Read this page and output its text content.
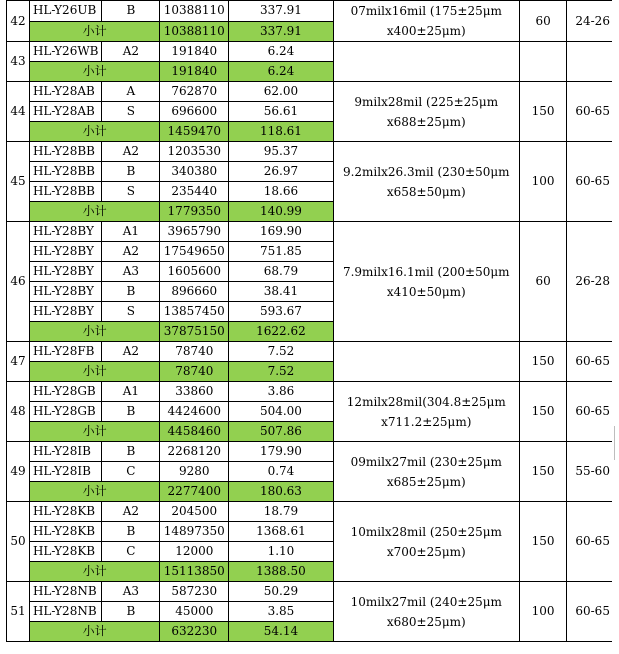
42	HL-Y26UB	B	10388110	337.91	07milx16mil (175±25μm x400±25μm)	60	24-26
	小计		10388110	337.91			
43	HL-Y26WB	A2	191840	6.24			
	小计		191840	6.24			
44	HL-Y28AB	A	762870	62.00	9milx28mil (225±25μm x688±25μm)	150	60-65
	HL-Y28AB	S	696600	56.61			
	小计		1459470	118.61			
45	HL-Y28BB	A2	1203530	95.37	9.2milx26.3mil (230±50μm x658±50μm)	100	60-65
	HL-Y28BB	B	340380	26.97			
	HL-Y28BB	S	235440	18.66			
	小计		1779350	140.99			
46	HL-Y28BY	A1	3965790	169.90	7.9milx16.1mil (200±50μm x410±50μm)	60	26-28
	HL-Y28BY	A2	17549650	751.85			
	HL-Y28BY	A3	1605600	68.79			
	HL-Y28BY	B	896660	38.41			
	HL-Y28BY	S	13857450	593.67			
	小计		37875150	1622.62			
47	HL-Y28FB	A2	78740	7.52		150	60-65
	小计		78740	7.52			
48	HL-Y28GB	A1	33860	3.86	12milx28mil(304.8±25μm x711.2±25μm)	150	60-65
	HL-Y28GB	B	4424600	504.00			
	小计		4458460	507.86			
49	HL-Y28IB	B	2268120	179.90	09milx27mil (230±25μm x685±25μm)	150	55-60
	HL-Y28IB	C	9280	0.74			
	小计		2277400	180.63			
50	HL-Y28KB	A2	204500	18.79	10milx28mil (250±25μm x700±25μm)	150	60-65
	HL-Y28KB	B	14897350	1368.61			
	HL-Y28KB	C	12000	1.10			
	小计		15113850	1388.50			
51	HL-Y28NB	A3	587230	50.29	10milx27mil (240±25μm x680±25μm)	100	60-65
	HL-Y28NB	B	45000	3.85			
	小计		632230	54.14			
